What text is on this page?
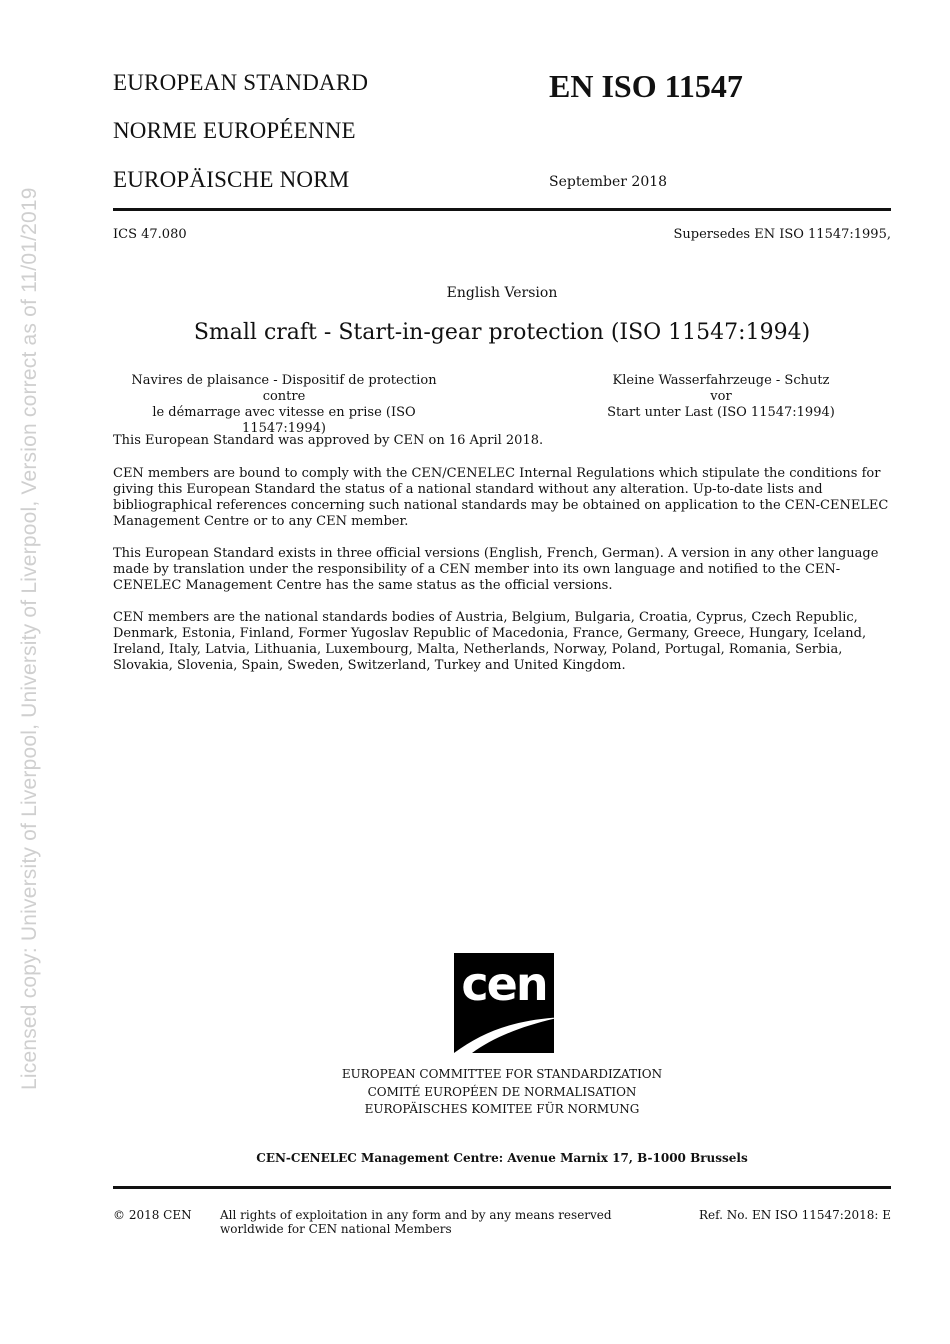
Licensed copy: University of Liverpool, University of Liverpool, Version correct as of 11/01/2019
EUROPEAN STANDARD
NORME EUROPÉENNE
EUROPÄISCHE NORM
EN ISO 11547
September 2018
ICS 47.080	Supersedes EN ISO 11547:1995,
English Version
Small craft - Start-in-gear protection (ISO 11547:1994)
Navires de plaisance - Dispositif de protection contre
le démarrage avec vitesse en prise (ISO 11547:1994)
Kleine Wasserfahrzeuge - Schutz vor
Start unter Last (ISO 11547:1994)
This European Standard was approved by CEN on 16 April 2018.
CEN members are bound to comply with the CEN/CENELEC Internal Regulations which stipulate the conditions for giving this European Standard the status of a national standard without any alteration. Up-to-date lists and bibliographical references concerning such national standards may be obtained on application to the CEN-CENELEC Management Centre or to any CEN member.
This European Standard exists in three official versions (English, French, German). A version in any other language made by translation under the responsibility of a CEN member into its own language and notified to the CEN-CENELEC Management Centre has the same status as the official versions.
CEN members are the national standards bodies of Austria, Belgium, Bulgaria, Croatia, Cyprus, Czech Republic, Denmark, Estonia, Finland, Former Yugoslav Republic of Macedonia, France, Germany, Greece, Hungary, Iceland, Ireland, Italy, Latvia, Lithuania, Luxembourg, Malta, Netherlands, Norway, Poland, Portugal, Romania, Serbia, Slovakia, Slovenia, Spain, Sweden, Switzerland, Turkey and United Kingdom.
cen
EUROPEAN COMMITTEE FOR STANDARDIZATION
COMITÉ EUROPÉEN DE NORMALISATION
EUROPÄISCHES KOMITEE FÜR NORMUNG
CEN-CENELEC Management Centre: Avenue Marnix 17, B-1000 Brussels
© 2018 CEN All rights of exploitation in any form and by any means reserved
worldwide for CEN national Members
Ref. No. EN ISO 11547:2018: E
